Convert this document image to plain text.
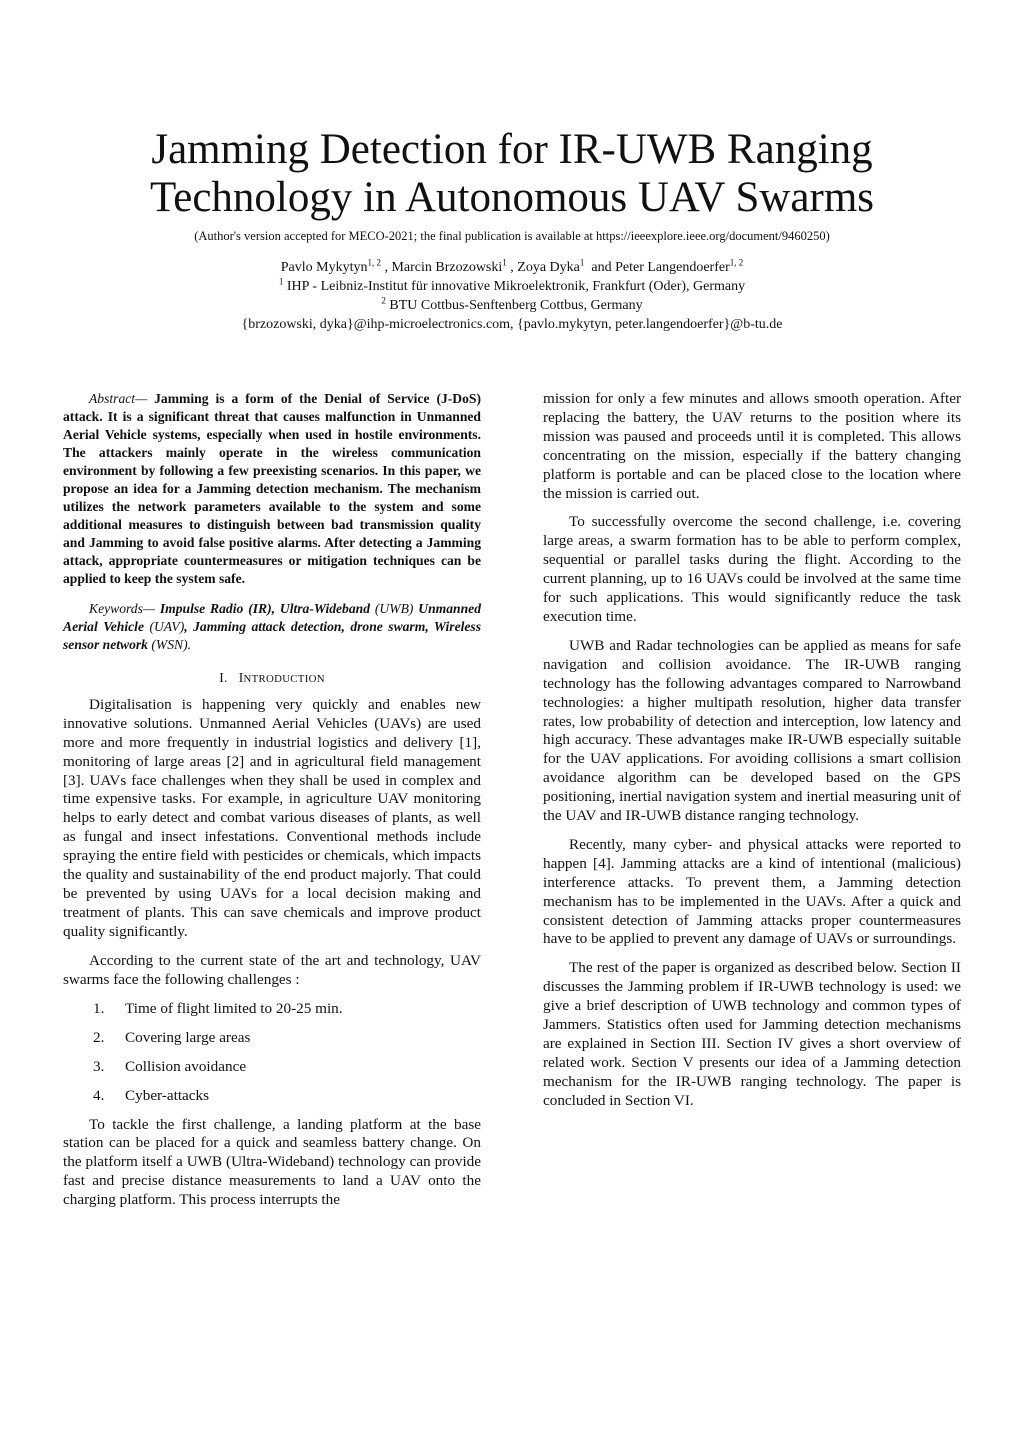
Jamming Detection for IR-UWB Ranging
Technology in Autonomous UAV Swarms
(Author's version accepted for MECO-2021; the final publication is available at https://ieeexplore.ieee.org/document/9460250)
Pavlo Mykytyn$^{1, 2}$ , Marcin Brzozowski$^1$ , Zoya Dyka$^1$ and Peter Langendoerfer$^{1, 2}$
$^1$ IHP - Leibniz-Institut für innovative Mikroelektronik, Frankfurt (Oder), Germany
$^2$ BTU Cottbus-Senftenberg Cottbus, Germany
{brzozowski, dyka}@ihp-microelectronics.com, {pavlo.mykytyn, peter.langendoerfer}@b-tu.de

Abstract— Jamming is a form of the Denial of Service (J-DoS) attack. It is a significant threat that causes malfunction in Unmanned Aerial Vehicle systems, especially when used in hostile environments. The attackers mainly operate in the wireless communication environment by following a few preexisting scenarios. In this paper, we propose an idea for a Jamming detection mechanism. The mechanism utilizes the network parameters available to the system and some additional measures to distinguish between bad transmission quality and Jamming to avoid false positive alarms. After detecting a Jamming attack, appropriate countermeasures or mitigation techniques can be applied to keep the system safe.

Keywords— Impulse Radio (IR), Ultra-Wideband (UWB) Unmanned Aerial Vehicle (UAV), Jamming attack detection, drone swarm, Wireless sensor network (WSN).

I. INTRODUCTION

Digitalisation is happening very quickly and enables new innovative solutions. Unmanned Aerial Vehicles (UAVs) are used more and more frequently in industrial logistics and delivery [1], monitoring of large areas [2] and in agricultural field management [3]. UAVs face challenges when they shall be used in complex and time expensive tasks. For example, in agriculture UAV monitoring helps to early detect and combat various diseases of plants, as well as fungal and insect infestations. Conventional methods include spraying the entire field with pesticides or chemicals, which impacts the quality and sustainability of the end product majorly. That could be prevented by using UAVs for a local decision making and treatment of plants. This can save chemicals and improve product quality significantly.

According to the current state of the art and technology, UAV swarms face the following challenges :

1. Time of flight limited to 20-25 min.
2. Covering large areas
3. Collision avoidance
4. Cyber-attacks

To tackle the first challenge, a landing platform at the base station can be placed for a quick and seamless battery change. On the platform itself a UWB (Ultra-Wideband) technology can provide fast and precise distance measurements to land a UAV onto the charging platform. This process interrupts the

mission for only a few minutes and allows smooth operation. After replacing the battery, the UAV returns to the position where its mission was paused and proceeds until it is completed. This allows concentrating on the mission, especially if the battery changing platform is portable and can be placed close to the location where the mission is carried out.

To successfully overcome the second challenge, i.e. covering large areas, a swarm formation has to be able to perform complex, sequential or parallel tasks during the flight. According to the current planning, up to 16 UAVs could be involved at the same time for such applications. This would significantly reduce the task execution time.

UWB and Radar technologies can be applied as means for safe navigation and collision avoidance. The IR-UWB ranging technology has the following advantages compared to Narrowband technologies: a higher multipath resolution, higher data transfer rates, low probability of detection and interception, low latency and high accuracy. These advantages make IR-UWB especially suitable for the UAV applications. For avoiding collisions a smart collision avoidance algorithm can be developed based on the GPS positioning, inertial navigation system and inertial measuring unit of the UAV and IR-UWB distance ranging technology.

Recently, many cyber- and physical attacks were reported to happen [4]. Jamming attacks are a kind of intentional (malicious) interference attacks. To prevent them, a Jamming detection mechanism has to be implemented in the UAVs. After a quick and consistent detection of Jamming attacks proper countermeasures have to be applied to prevent any damage of UAVs or surroundings.

The rest of the paper is organized as described below. Section II discusses the Jamming problem if IR-UWB technology is used: we give a brief description of UWB technology and common types of Jammers. Statistics often used for Jamming detection mechanisms are explained in Section III. Section IV gives a short overview of related work. Section V presents our idea of a Jamming detection mechanism for the IR-UWB ranging technology. The paper is concluded in Section VI.
